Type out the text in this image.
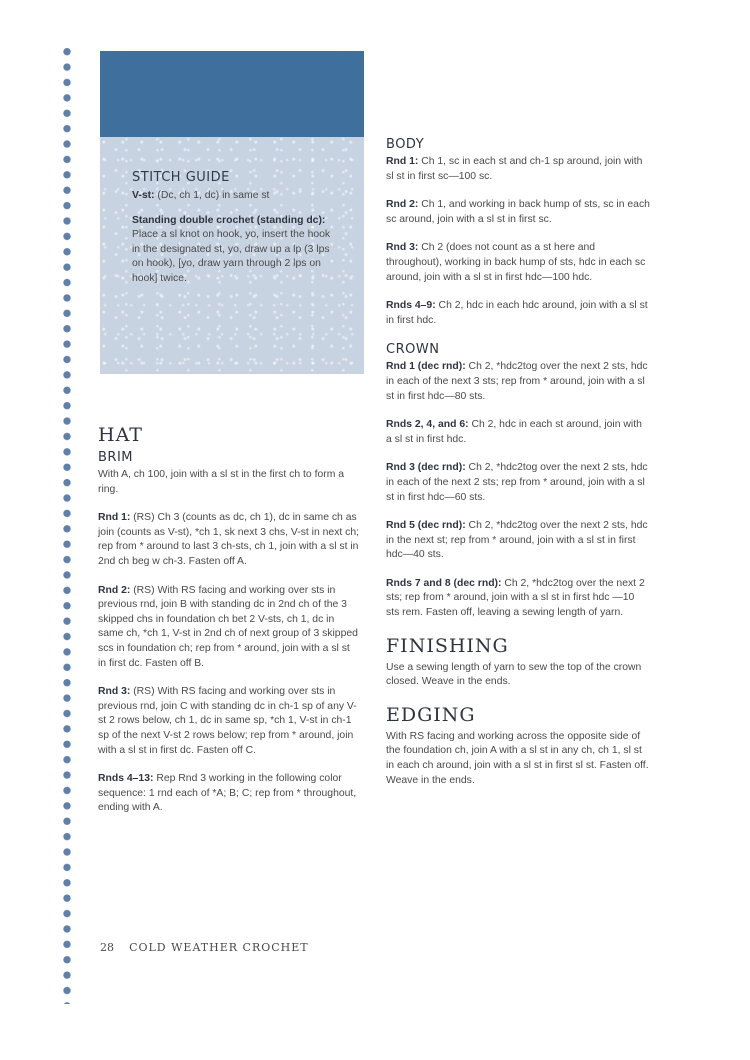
STITCH GUIDE

V-st: (Dc, ch 1, dc) in same st

Standing double crochet (standing dc): Place a sl knot on hook, yo, insert the hook in the designated st, yo, draw up a lp (3 lps on hook), [yo, draw yarn through 2 lps on hook] twice.

HAT
BRIM

With A, ch 100, join with a sl st in the first ch to form a ring.

Rnd 1: (RS) Ch 3 (counts as dc, ch 1), dc in same ch as join (counts as V-st), *ch 1, sk next 3 chs, V-st in next ch; rep from * around to last 3 ch-sts, ch 1, join with a sl st in 2nd ch beg w ch-3. Fasten off A.

Rnd 2: (RS) With RS facing and working over sts in previous rnd, join B with standing dc in 2nd ch of the 3 skipped chs in foundation ch bet 2 V-sts, ch 1, dc in same ch, *ch 1, V-st in 2nd ch of next group of 3 skipped scs in foundation ch; rep from * around, join with a sl st in first dc. Fasten off B.

Rnd 3: (RS) With RS facing and working over sts in previous rnd, join C with standing dc in ch-1 sp of any V-st 2 rows below, ch 1, dc in same sp, *ch 1, V-st in ch-1 sp of the next V-st 2 rows below; rep from * around, join with a sl st in first dc. Fasten off C.

Rnds 4–13: Rep Rnd 3 working in the following color sequence: 1 rnd each of *A; B; C; rep from * throughout, ending with A.

BODY

Rnd 1: Ch 1, sc in each st and ch-1 sp around, join with sl st in first sc—100 sc.

Rnd 2: Ch 1, and working in back hump of sts, sc in each sc around, join with a sl st in first sc.

Rnd 3: Ch 2 (does not count as a st here and throughout), working in back hump of sts, hdc in each sc around, join with a sl st in first hdc—100 hdc.

Rnds 4–9: Ch 2, hdc in each hdc around, join with a sl st in first hdc.

CROWN

Rnd 1 (dec rnd): Ch 2, *hdc2tog over the next 2 sts, hdc in each of the next 3 sts; rep from * around, join with a sl st in first hdc—80 sts.

Rnds 2, 4, and 6: Ch 2, hdc in each st around, join with a sl st in first hdc.

Rnd 3 (dec rnd): Ch 2, *hdc2tog over the next 2 sts, hdc in each of the next 2 sts; rep from * around, join with a sl st in first hdc—60 sts.

Rnd 5 (dec rnd): Ch 2, *hdc2tog over the next 2 sts, hdc in the next st; rep from * around, join with a sl st in first hdc—40 sts.

Rnds 7 and 8 (dec rnd): Ch 2, *hdc2tog over the next 2 sts; rep from * around, join with a sl st in first hdc —10 sts rem. Fasten off, leaving a sewing length of yarn.

FINISHING

Use a sewing length of yarn to sew the top of the crown closed. Weave in the ends.

EDGING

With RS facing and working across the opposite side of the foundation ch, join A with a sl st in any ch, ch 1, sl st in each ch around, join with a sl st in first sl st. Fasten off. Weave in the ends.

28 COLD WEATHER CROCHET
